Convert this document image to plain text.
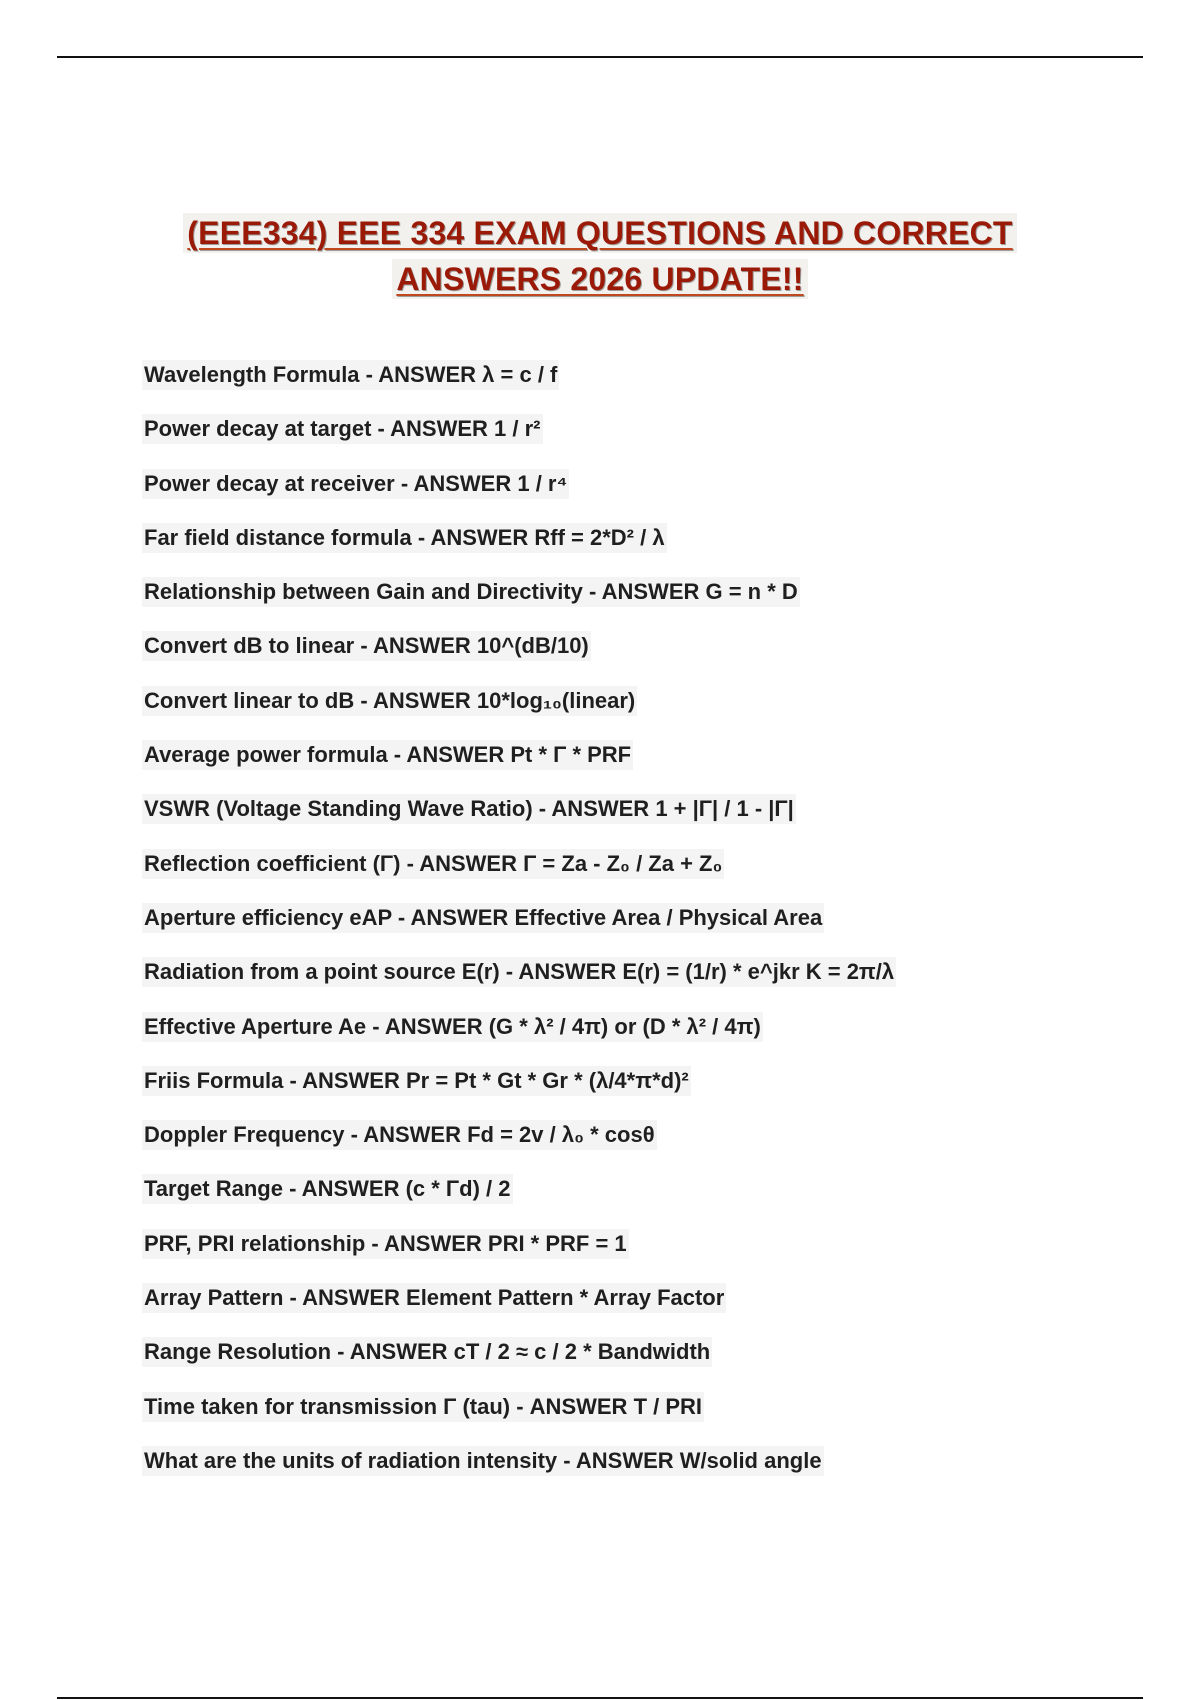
(EEE334) EEE 334 EXAM QUESTIONS AND CORRECT
ANSWERS 2026 UPDATE!!
Wavelength Formula - ANSWER λ = c / f
Power decay at target - ANSWER 1 / r²
Power decay at receiver - ANSWER 1 / r⁴
Far field distance formula - ANSWER Rff = 2*D² / λ
Relationship between Gain and Directivity - ANSWER G = n * D
Convert dB to linear - ANSWER 10^(dB/10)
Convert linear to dB - ANSWER 10*log₁₀(linear)
Average power formula - ANSWER Pt * Γ * PRF
VSWR (Voltage Standing Wave Ratio) - ANSWER 1 + |Γ| / 1 - |Γ|
Reflection coefficient (Γ) - ANSWER Γ = Za - Z₀ / Za + Z₀
Aperture efficiency eAP - ANSWER Effective Area / Physical Area
Radiation from a point source E(r) - ANSWER E(r) = (1/r) * e^jkr K = 2π/λ
Effective Aperture Ae - ANSWER (G * λ² / 4π) or (D * λ² / 4π)
Friis Formula - ANSWER Pr = Pt * Gt * Gr * (λ/4*π*d)²
Doppler Frequency - ANSWER Fd = 2v / λ₀ * cosθ
Target Range - ANSWER (c * Γd) / 2
PRF, PRI relationship - ANSWER PRI * PRF = 1
Array Pattern - ANSWER Element Pattern * Array Factor
Range Resolution - ANSWER cT / 2 ≈ c / 2 * Bandwidth
Time taken for transmission Γ (tau) - ANSWER T / PRI
What are the units of radiation intensity - ANSWER W/solid angle
